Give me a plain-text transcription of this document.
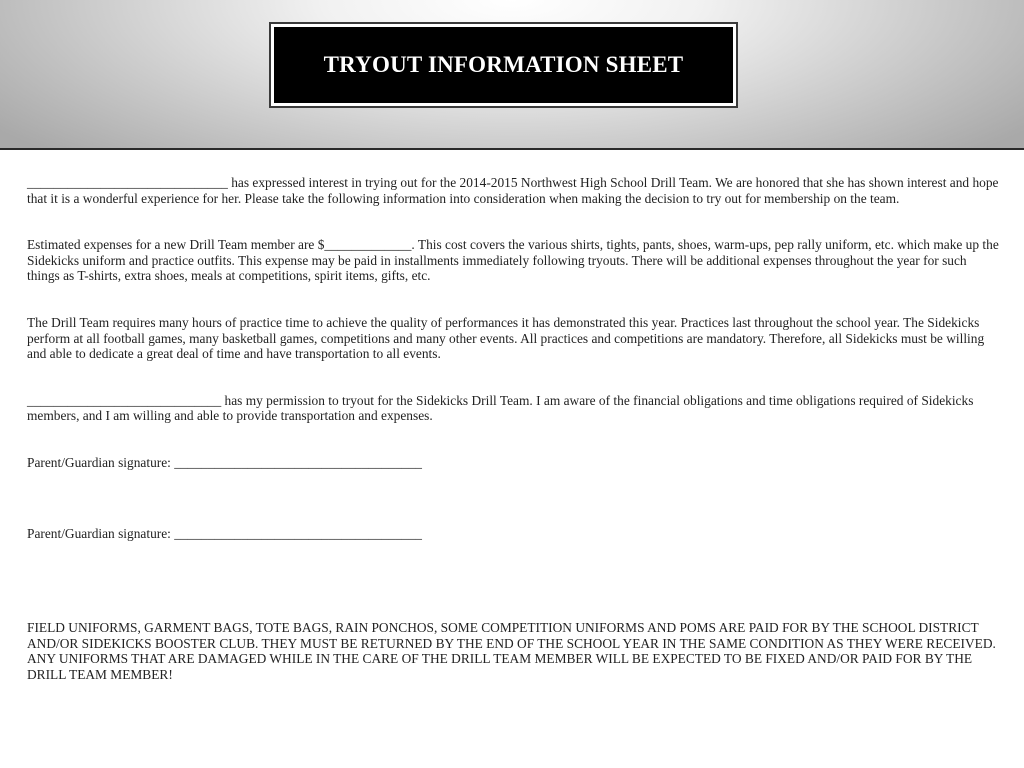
TRYOUT INFORMATION SHEET

______________________________ has expressed interest in trying out for the 2014-2015 Northwest High School Drill Team. We are honored that she has shown interest and hope that it is a wonderful experience for her. Please take the following information into consideration when making the decision to try out for membership on the team.

Estimated expenses for a new Drill Team member are $_____________. This cost covers the various shirts, tights, pants, shoes, warm-ups, pep rally uniform, etc. which make up the Sidekicks uniform and practice outfits. This expense may be paid in installments immediately following tryouts. There will be additional expenses throughout the year for such things as T-shirts, extra shoes, meals at competitions, spirit items, gifts, etc.

The Drill Team requires many hours of practice time to achieve the quality of performances it has demonstrated this year. Practices last throughout the school year. The Sidekicks perform at all football games, many basketball games, competitions and many other events. All practices and competitions are mandatory. Therefore, all Sidekicks must be willing and able to dedicate a great deal of time and have transportation to all events.

_____________________________ has my permission to tryout for the Sidekicks Drill Team. I am aware of the financial obligations and time obligations required of Sidekicks members, and I am willing and able to provide transportation and expenses.

Parent/Guardian signature: _____________________________________

Parent/Guardian signature: _____________________________________

FIELD UNIFORMS, GARMENT BAGS, TOTE BAGS, RAIN PONCHOS, SOME COMPETITION UNIFORMS AND POMS ARE PAID FOR BY THE SCHOOL DISTRICT AND/OR SIDEKICKS BOOSTER CLUB. THEY MUST BE RETURNED BY THE END OF THE SCHOOL YEAR IN THE SAME CONDITION AS THEY WERE RECEIVED. ANY UNIFORMS THAT ARE DAMAGED WHILE IN THE CARE OF THE DRILL TEAM MEMBER WILL BE EXPECTED TO BE FIXED AND/OR PAID FOR BY THE DRILL TEAM MEMBER!
